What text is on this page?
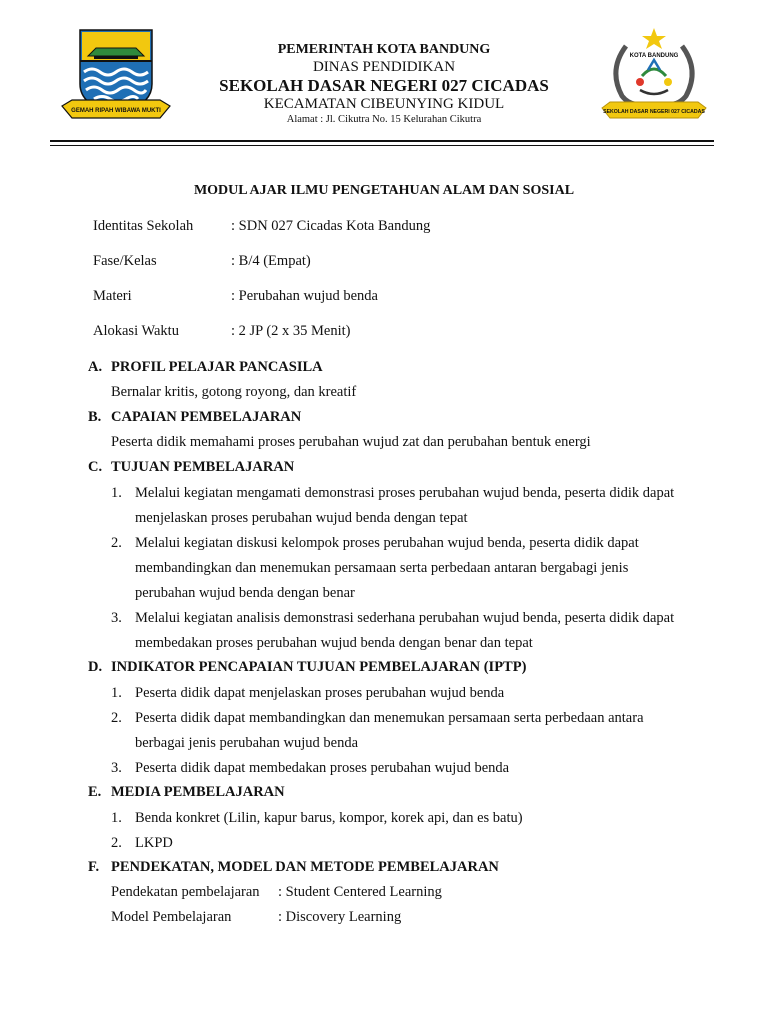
GEMAH RIPAH WIBAWA MUKTI
PEMERINTAH KOTA BANDUNG
DINAS PENDIDIKAN
SEKOLAH DASAR NEGERI 027 CICADAS
KECAMATAN CIBEUNYING KIDUL
Alamat : Jl. Cikutra No. 15 Kelurahan Cikutra
KOTA BANDUNG
SEKOLAH DASAR NEGERI 027 CICADAS
MODUL AJAR ILMU PENGETAHUAN ALAM DAN SOSIAL
Identitas Sekolah	: SDN 027 Cicadas Kota Bandung
Fase/Kelas	: B/4 (Empat)
Materi	: Perubahan wujud benda
Alokasi Waktu	: 2 JP (2 x 35 Menit)
A. PROFIL PELAJAR PANCASILA
Bernalar kritis, gotong royong, dan kreatif
B. CAPAIAN PEMBELAJARAN
Peserta didik memahami proses perubahan wujud zat dan perubahan bentuk energi
C. TUJUAN PEMBELAJARAN
1. Melalui kegiatan mengamati demonstrasi proses perubahan wujud benda, peserta didik dapat menjelaskan proses perubahan wujud benda dengan tepat
2. Melalui kegiatan diskusi kelompok proses perubahan wujud benda, peserta didik dapat membandingkan dan menemukan persamaan serta perbedaan antaran bergabagi jenis perubahan wujud benda dengan benar
3. Melalui kegiatan analisis demonstrasi sederhana perubahan wujud benda, peserta didik dapat membedakan proses perubahan wujud benda dengan benar dan tepat
D. INDIKATOR PENCAPAIAN TUJUAN PEMBELAJARAN (IPTP)
1. Peserta didik dapat menjelaskan proses perubahan wujud benda
2. Peserta didik dapat membandingkan dan menemukan persamaan serta perbedaan antara berbagai jenis perubahan wujud benda
3. Peserta didik dapat membedakan proses perubahan wujud benda
E. MEDIA PEMBELAJARAN
1. Benda konkret (Lilin, kapur barus, kompor, korek api, dan es batu)
2. LKPD
F. PENDEKATAN, MODEL DAN METODE PEMBELAJARAN
Pendekatan pembelajaran	: Student Centered Learning
Model Pembelajaran	: Discovery Learning
